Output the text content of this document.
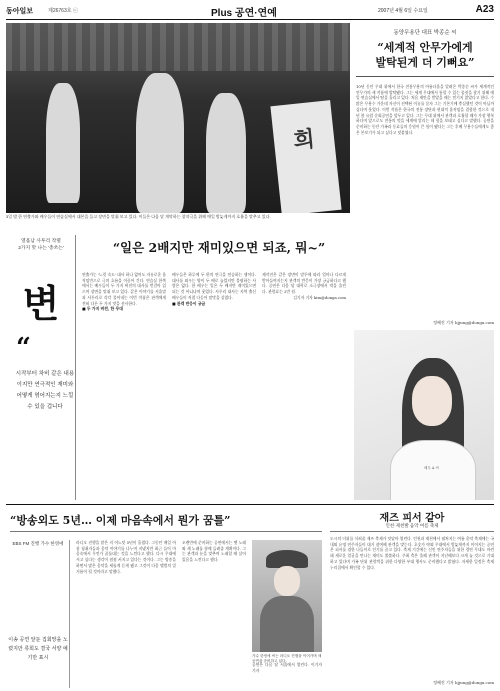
동아일보	제26763호 ⓒ	Plus 공연·연예	2007년 4월 6일 수요일	A23
희
3일 밤 한 연출가와 배우들이 연습실에서 대본을 들고 장면을 맞춰 보고 있다. 이들은 다음 달 개막하는 창작극을 위해 매일 밤늦게까지 호흡을 맞추고 있다.
동양무용단 대표 박종순 씨
“세계적 안무가에게
발탁된게 더 기뻐요”

10년 동안 무대 위에서 한국 전통무용의 아름다움을 알려온 박종순 씨가 세계적인 안무가의 새 작품에 발탁됐다. 그는 세계 무대에서 통할 수 있는 몸짓을 찾기 위해 매일 연습실에서 땀을 흘리고 있다. 처음 제안을 받았을 때는 믿기지 않았다고 한다. 수많은 무용수 가운데 자신이 선택된 이유를 묻자 그는 기본기에 충실했던 것이 아닐까 싶다며 웃었다. 이번 작품은 한국의 전통 장단과 현대적 움직임을 결합한 것으로 내년 봄 유럽 순회공연을 앞두고 있다. 그는 무대 위에서 관객과 호흡할 때가 가장 행복하다며 앞으로도 전통의 멋을 세계에 알리는 데 힘을 보태고 싶다고 말했다. 공연을 준비하는 동안 가족과 동료들의 응원이 큰 힘이 됐다는 그는 후배 무용수들에게도 좋은 본보기가 되고 싶다고 덧붙였다.

정혜진 기자 hjjung@donga.com
열흘남 사투리 작렬
2가지 맛 나는 '총쏘는'
변
“
시작부터 차비 같은 내용이지만 연극적인 재미와 어떻게 엮어지는지 느낄 수 있을 겁니다
“일은 2배지만 재미있으면 되죠, 뭐~”

연출가는 '느릿 속도' 대사 하나 없어도 자유로운 움직임만으로 극의 흐름을 이끌어 간다. 연습실 한쪽에서는 배우들이 두 가지 버전의 대사를 번갈아 읽으며 장면을 맞춰 보고 있다. 같은 이야기를 서울말과 사투리로 각각 풀어내는 이번 작품은 관객에게 전혀 다른 두 가지 맛을 선사한다.

■ 두 가지 버전, 한 무대

배우들은 하루에 두 편의 연극을 연습하는 셈이다. 대사를 외우는 양이 두 배로 늘었지만 불평하는 사람은 없다. 한 배우는 일은 두 배지만 재미있으면 되는 것 아니냐며 웃었다. 사투리 대사는 지역 출신 배우들이 직접 다듬어 말맛을 살렸다.

■ 관객 반응이 궁금

제작진은 같은 장면이 말투에 따라 얼마나 다르게 받아들여지는지 관객의 반응이 가장 궁금하다고 했다. 공연은 다음 달 대학로 소극장에서 막을 올린다. 관람료는 2만 원.

김기자 기자 kim@donga.com

배우 A 씨
“방송외도 5년… 이제 마음속에서 뭔가 꿈틀”
EBS FM 진행 가수 한영애
이송 공연 앞둔 집회망을 노렸지만 류희도 결국 서양 예기만 표시

라디오 진행을 맡은 지 어느덧 5년이 흘렀다. 그동안 매일 아침 청취자들과 음악 이야기를 나누며 지냈지만 최근 들어 마음속에서 무언가 꿈틀대는 것을 느낀다고 했다. 다시 무대에 서고 싶다는 생각이 점점 커지고 있다는 것이다. 그는 방송을 하면서 많은 음악을 새롭게 듣게 됐고 그것이 다음 앨범의 밑거름이 될 것이라고 말했다.

오랜만에 준비하는 공연에서는 옛 노래와 새 노래를 함께 들려줄 계획이다. 그는 관객과 눈을 맞추며 노래할 때 살아 있음을 느낀다고 했다.

가수 한영애 씨는 라디오 진행을 이어가며 새 공연을 준비하고 있다.

공연은 다음 달 서울에서 열린다. 이기자 기자

재즈 피서 같아
인천·제천발 음악 여름 축제

도시의 더위를 식혀줄 재즈 축제가 잇달아 열린다. 인천과 제천에서 펼쳐지는 여름 음악 축제에는 국내외 유명 연주자들이 대거 참여해 관객을 맞는다. 호숫가 야외 무대에서 밤늦게까지 이어지는 공연은 피서를 겸한 나들이로 인기를 끌고 있다. 축제 기간에는 신인 연주자들을 위한 경연 무대도 마련돼 새로운 얼굴을 만나는 재미도 쏠쏠하다. 주최 측은 올해 관객이 지난해보다 크게 늘 것으로 기대하고 있다며 가족 단위 관람객을 위한 다양한 부대 행사도 준비했다고 밝혔다. 자세한 일정은 축제 누리집에서 확인할 수 있다.

정혜진 기자 hjjung@donga.com
